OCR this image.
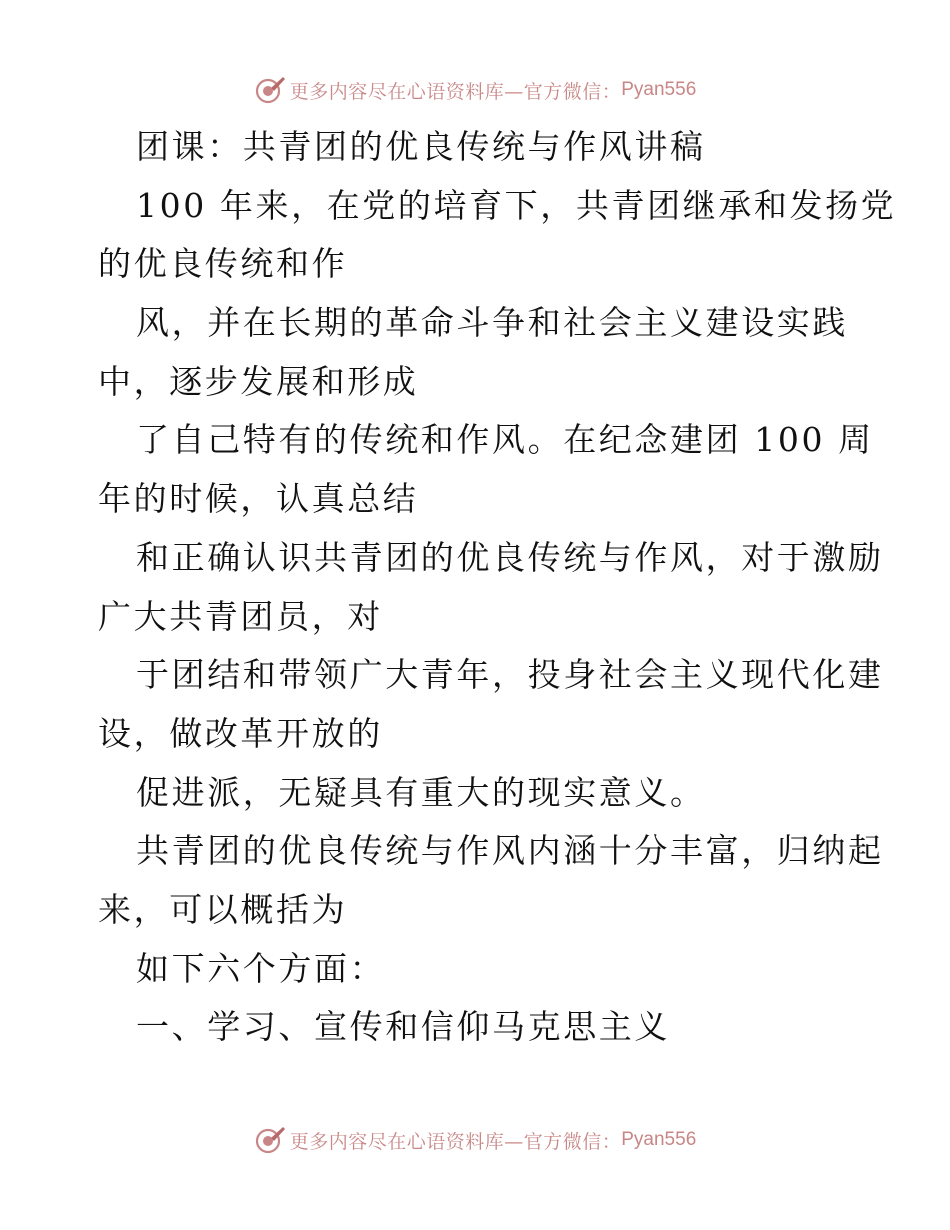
更多内容尽在心语资料库—官方微信： Pyan556
团课：共青团的优良传统与作风讲稿
100 年来，在党的培育下，共青团继承和发扬党
的优良传统和作
风，并在长期的革命斗争和社会主义建设实践
中，逐步发展和形成
了自己特有的传统和作风。在纪念建团 100 周
年的时候，认真总结
和正确认识共青团的优良传统与作风，对于激励
广大共青团员，对
于团结和带领广大青年，投身社会主义现代化建
设，做改革开放的
促进派，无疑具有重大的现实意义。
共青团的优良传统与作风内涵十分丰富，归纳起
来，可以概括为
如下六个方面：
一、学习、宣传和信仰马克思主义
更多内容尽在心语资料库—官方微信： Pyan556
